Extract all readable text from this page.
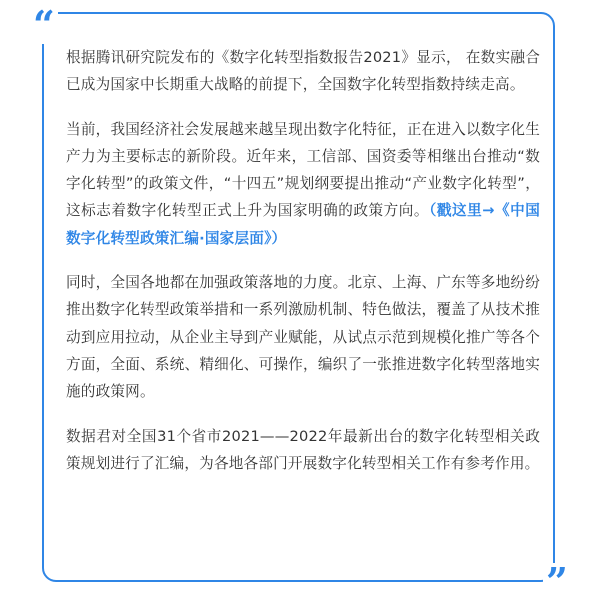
“
”

根据腾讯研究院发布的《数字化转型指数报告2021》显示， 在数实融合已成为国家中长期重大战略的前提下，全国数字化转型指数持续走高。

当前，我国经济社会发展越来越呈现出数字化特征，正在进入以数字化生产力为主要标志的新阶段。近年来，工信部、国资委等相继出台推动“数字化转型”的政策文件，“十四五”规划纲要提出推动“产业数字化转型”，这标志着数字化转型正式上升为国家明确的政策方向。（戳这里→《中国数字化转型政策汇编·国家层面》）

同时，全国各地都在加强政策落地的力度。北京、上海、广东等多地纷纷推出数字化转型政策举措和一系列激励机制、特色做法，覆盖了从技术推动到应用拉动，从企业主导到产业赋能，从试点示范到规模化推广等各个方面，全面、系统、精细化、可操作，编织了一张推进数字化转型落地实施的政策网。

数据君对全国31个省市2021——2022年最新出台的数字化转型相关政策规划进行了汇编，为各地各部门开展数字化转型相关工作有参考作用。
